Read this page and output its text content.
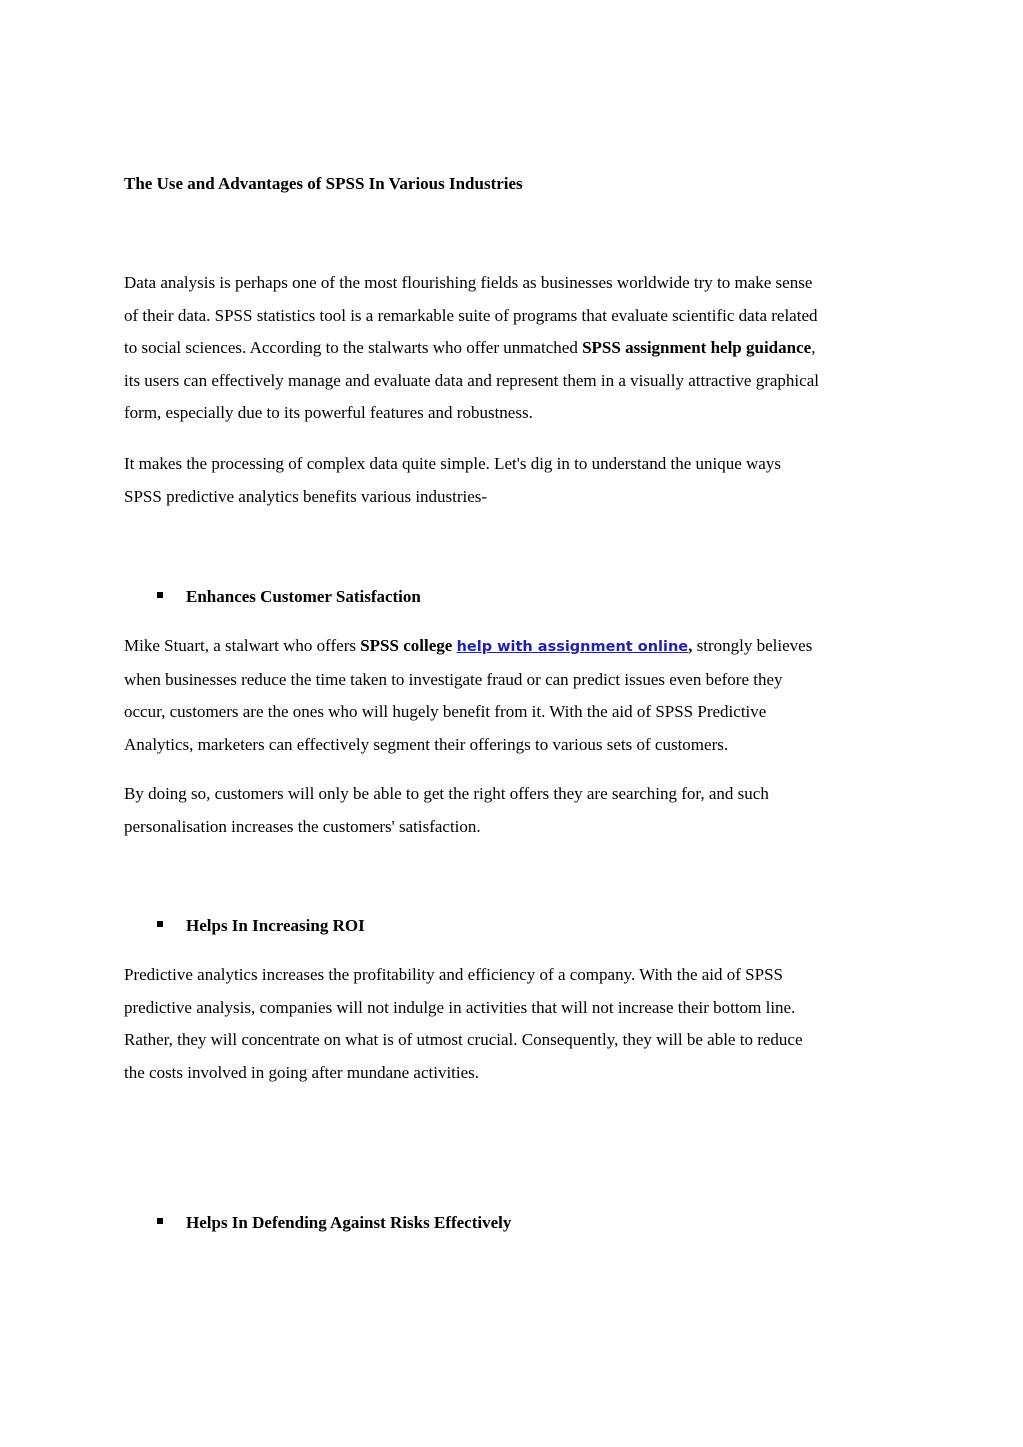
The Use and Advantages of SPSS In Various Industries

Data analysis is perhaps one of the most flourishing fields as businesses worldwide try to make sense
of their data. SPSS statistics tool is a remarkable suite of programs that evaluate scientific data related
to social sciences. According to the stalwarts who offer unmatched SPSS assignment help guidance,
its users can effectively manage and evaluate data and represent them in a visually attractive graphical
form, especially due to its powerful features and robustness.

It makes the processing of complex data quite simple. Let's dig in to understand the unique ways
SPSS predictive analytics benefits various industries-

Enhances Customer Satisfaction

Mike Stuart, a stalwart who offers SPSS college help with assignment online, strongly believes
when businesses reduce the time taken to investigate fraud or can predict issues even before they
occur, customers are the ones who will hugely benefit from it. With the aid of SPSS Predictive
Analytics, marketers can effectively segment their offerings to various sets of customers.

By doing so, customers will only be able to get the right offers they are searching for, and such
personalisation increases the customers' satisfaction.

Helps In Increasing ROI

Predictive analytics increases the profitability and efficiency of a company. With the aid of SPSS
predictive analysis, companies will not indulge in activities that will not increase their bottom line.
Rather, they will concentrate on what is of utmost crucial. Consequently, they will be able to reduce
the costs involved in going after mundane activities.

Helps In Defending Against Risks Effectively
